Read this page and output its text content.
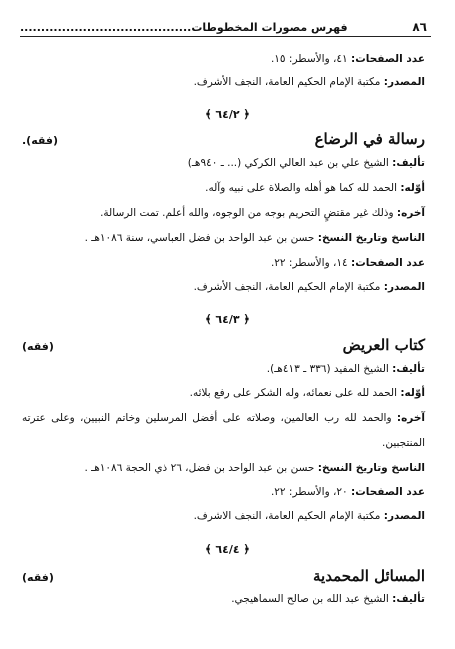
٨٦
.........................................فهرس مصورات المخطوطات
عدد الصفحات: ٤١، والأسطر: ١٥.
المصدر: مكتبة الإمام الحكيم العامة، النجف الأشرف.
﴿ ٦٤/٢ ﴾
رسالة في الرضاع
(فقه).
تأليف: الشيخ علي بن عبد العالي الكركي (... ـ ٩٤٠هـ)
أوّله: الحمد لله كما هو أهله والصلاة على نبيه وآله.
آخره: وذلك غير مقتضٍ التحريم بوجه من الوجوه، والله أعلم. تمت الرسالة.
الناسخ وتاريخ النسخ: حسن بن عبد الواحد بن فضل العباسي، سنة ١٠٨٦هـ .
عدد الصفحات: ١٤، والأسطر: ٢٢.
المصدر: مكتبة الإمام الحكيم العامة، النجف الأشرف.
﴿ ٦٤/٣ ﴾
كتاب العريض
(فقه)
تأليف: الشيخ المفيد (٣٣٦ ـ ٤١٣هـ).
أوّله: الحمد لله على نعمائه، وله الشكر على رفع بلائه.
آخره: والحمد لله رب العالمين، وصلاته على أفضل المرسلين وخاتم النبيين، وعلى عترته المنتجبين.
الناسخ وتاريخ النسخ: حسن بن عبد الواحد بن فضل، ٢٦ ذي الحجة ١٠٨٦هـ .
عدد الصفحات: ٢٠، والأسطر: ٢٢.
المصدر: مكتبة الإمام الحكيم العامة، النجف الاشرف.
﴿ ٦٤/٤ ﴾
المسائل المحمدية
(فقه)
تأليف: الشيخ عبد الله بن صالح السماهيجي.
